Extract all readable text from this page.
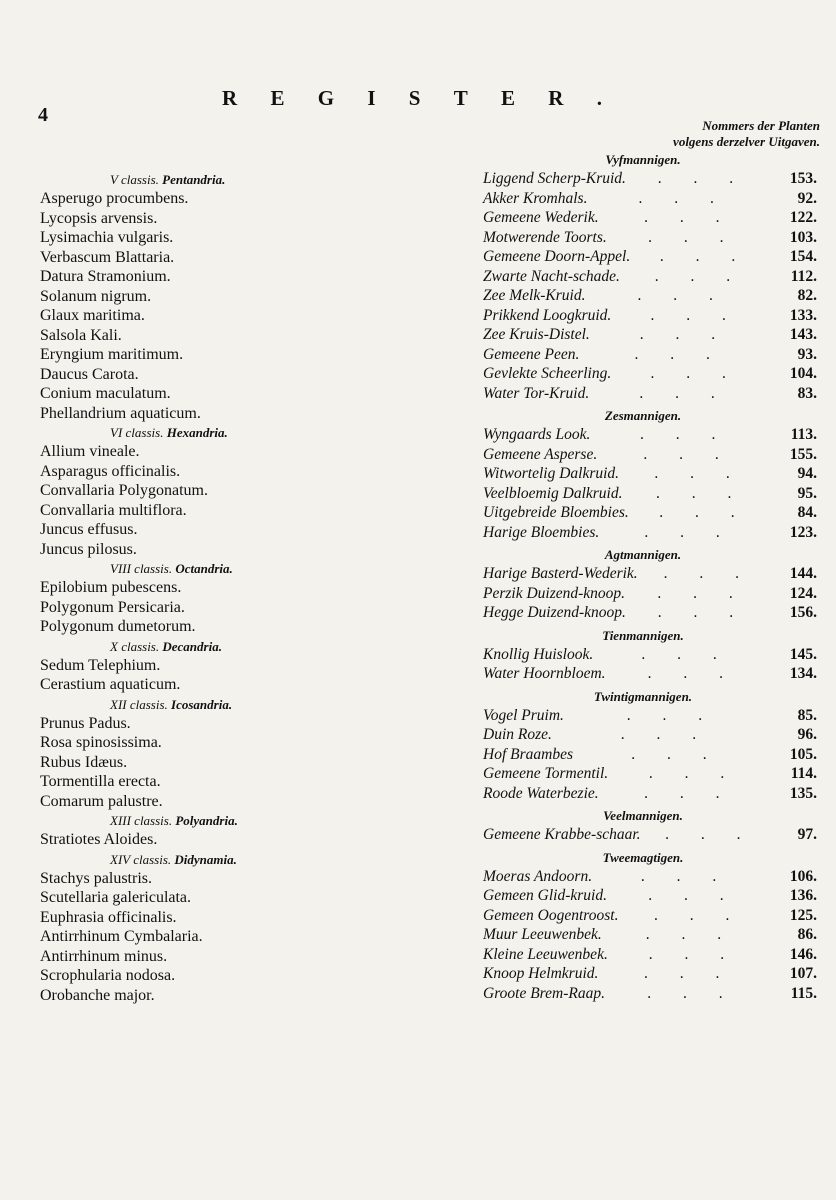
4
R E G I S T E R .
Nommers der Planten
volgens derzelver Uitgaven.
V classis. Pentandria.
Asperugo procumbens.
Lycopsis arvensis.
Lysimachia vulgaris.
Verbascum Blattaria.
Datura Stramonium.
Solanum nigrum.
Glaux maritima.
Salsola Kali.
Eryngium maritimum.
Daucus Carota.
Conium maculatum.
Phellandrium aquaticum.
VI classis. Hexandria.
Allium vineale.
Asparagus officinalis.
Convallaria Polygonatum.
Convallaria multiflora.
Juncus effusus.
Juncus pilosus.
VIII classis. Octandria.
Epilobium pubescens.
Polygonum Persicaria.
Polygonum dumetorum.
X classis. Decandria.
Sedum Telephium.
Cerastium aquaticum.
XII classis. Icosandria.
Prunus Padus.
Rosa spinosissima.
Rubus Idæus.
Tormentilla erecta.
Comarum palustre.
XIII classis. Polyandria.
Stratiotes Aloides.
XIV classis. Didynamia.
Stachys palustris.
Scutellaria galericulata.
Euphrasia officinalis.
Antirrhinum Cymbalaria.
Antirrhinum minus.
Scrophularia nodosa.
Orobanche major.
Vyfmannigen.
Liggend Scherp-Kruid.	. . .	153.
Akker Kromhals.	. . .	92.
Gemeene Wederik.	. . .	122.
Motwerende Toorts.	. . .	103.
Gemeene Doorn-Appel.	. . .	154.
Zwarte Nacht-schade.	. . .	112.
Zee Melk-Kruid.	. . .	82.
Prikkend Loogkruid.	. . .	133.
Zee Kruis-Distel.	. . .	143.
Gemeene Peen.	. . .	93.
Gevlekte Scheerling.	. . .	104.
Water Tor-Kruid.	. . .	83.
Zesmannigen.
Wyngaards Look.	. . .	113.
Gemeene Asperse.	. . .	155.
Witwortelig Dalkruid.	. . .	94.
Veelbloemig Dalkruid.	. . .	95.
Uitgebreide Bloembies.	. . .	84.
Harige Bloembies.	. . .	123.
Agtmannigen.
Harige Basterd-Wederik.	. . .	144.
Perzik Duizend-knoop.	. . .	124.
Hegge Duizend-knoop.	. . .	156.
Tienmannigen.
Knollig Huislook.	. . .	145.
Water Hoornbloem.	. . .	134.
Twintigmannigen.
Vogel Pruim.	. . .	85.
Duin Roze.	. . .	96.
Hof Braambes	. . .	105.
Gemeene Tormentil.	. . .	114.
Roode Waterbezie.	. . .	135.
Veelmannigen.
Gemeene Krabbe-schaar.	. . .	97.
Tweemagtigen.
Moeras Andoorn.	. . .	106.
Gemeen Glid-kruid.	. . .	136.
Gemeen Oogentroost.	. . .	125.
Muur Leeuwenbek.	. . .	86.
Kleine Leeuwenbek.	. . .	146.
Knoop Helmkruid.	. . .	107.
Groote Brem-Raap.	. . .	115.
